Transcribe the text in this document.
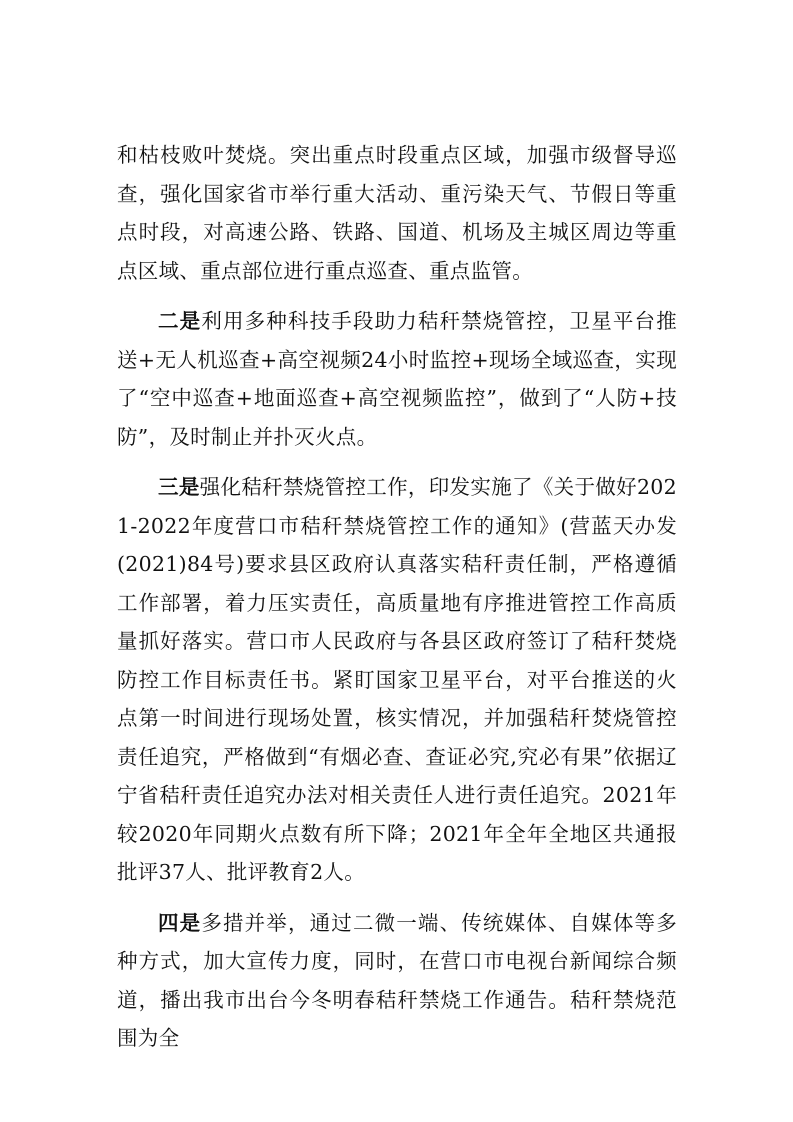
和枯枝败叶焚烧。突出重点时段重点区域，加强市级督导巡查，强化国家省市举行重大活动、重污染天气、节假日等重点时段，对高速公路、铁路、国道、机场及主城区周边等重点区域、重点部位进行重点巡查、重点监管。

二是利用多种科技手段助力秸秆禁烧管控，卫星平台推送+无人机巡查+高空视频24小时监控+现场全域巡查，实现了“空中巡查+地面巡查+高空视频监控”，做到了“人防+技防”，及时制止并扑灭火点。

三是强化秸秆禁烧管控工作，印发实施了《关于做好2021-2022年度营口市秸秆禁烧管控工作的通知》(营蓝天办发(2021)84号)要求县区政府认真落实秸秆责任制，严格遵循工作部署，着力压实责任，高质量地有序推进管控工作高质量抓好落实。营口市人民政府与各县区政府签订了秸秆焚烧防控工作目标责任书。紧盯国家卫星平台，对平台推送的火点第一时间进行现场处置，核实情况，并加强秸秆焚烧管控责任追究，严格做到“有烟必查、查证必究,究必有果”依据辽宁省秸秆责任追究办法对相关责任人进行责任追究。2021年较2020年同期火点数有所下降；2021年全年全地区共通报批评37人、批评教育2人。

四是多措并举，通过二微一端、传统媒体、自媒体等多种方式，加大宣传力度，同时，在营口市电视台新闻综合频道，播出我市出台今冬明春秸秆禁烧工作通告。秸秆禁烧范围为全
